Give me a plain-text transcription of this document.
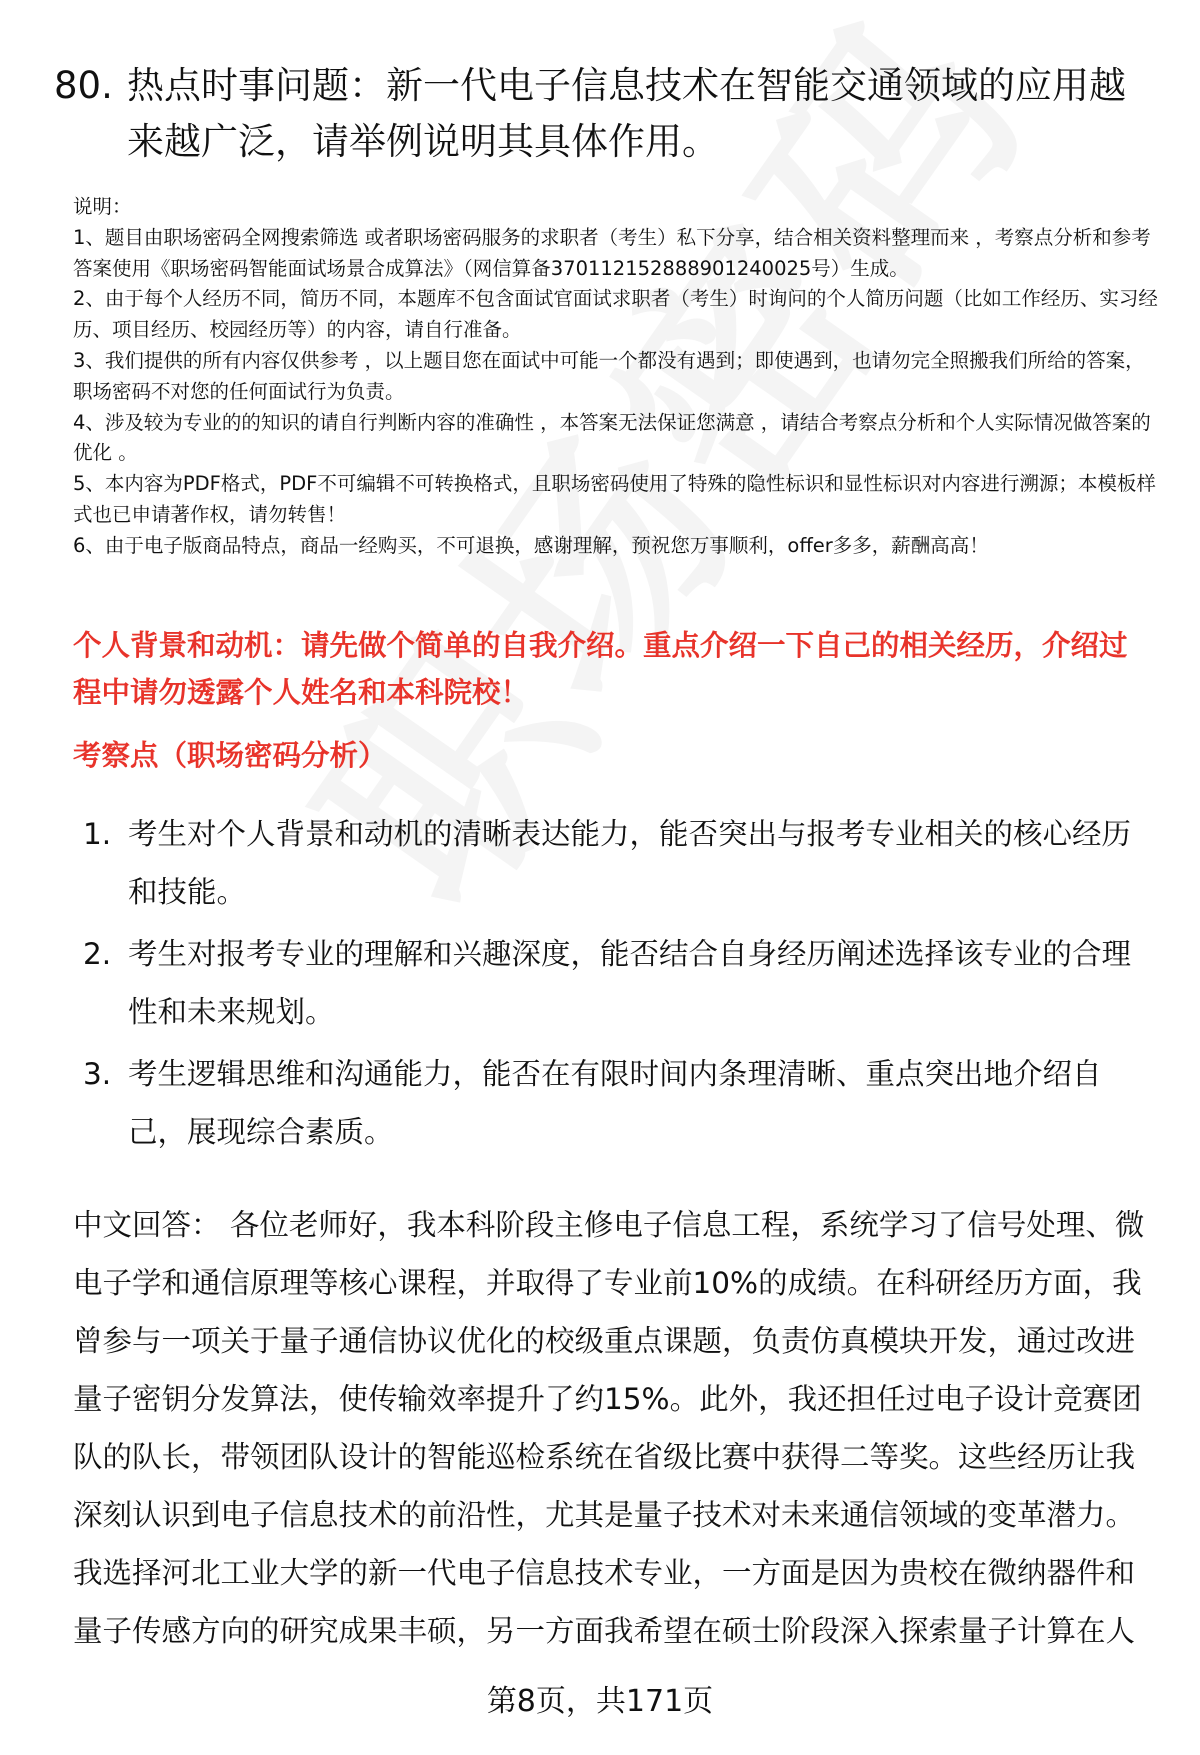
80. 热点时事问题：新一代电子信息技术在智能交通领域的应用越来越广泛，请举例说明其具体作用。

说明：

1、题目由职场密码全网搜索筛选 或者职场密码服务的求职者（考生）私下分享，结合相关资料整理而来 ，考察点分析和参考答案使用《职场密码智能面试场景合成算法》（网信算备370112152888901240025号）生成。

2、由于每个人经历不同，简历不同，本题库不包含面试官面试求职者（考生）时询问的个人简历问题（比如工作经历、实习经历、项目经历、校园经历等）的内容，请自行准备。

3、我们提供的所有内容仅供参考 ，以上题目您在面试中可能一个都没有遇到；即使遇到，也请勿完全照搬我们所给的答案，职场密码不对您的任何面试行为负责。

4、涉及较为专业的的知识的请自行判断内容的准确性 ，本答案无法保证您满意 ，请结合考察点分析和个人实际情况做答案的优化 。

5、本内容为PDF格式，PDF不可编辑不可转换格式，且职场密码使用了特殊的隐性标识和显性标识对内容进行溯源；本模板样式也已申请著作权，请勿转售！

6、由于电子版商品特点，商品一经购买，不可退换，感谢理解，预祝您万事顺利，offer多多，薪酬高高！

个人背景和动机：请先做个简单的自我介绍。重点介绍一下自己的相关经历，介绍过程中请勿透露个人姓名和本科院校！
考察点（职场密码分析）
1. 考生对个人背景和动机的清晰表达能力，能否突出与报考专业相关的核心经历和技能。
2. 考生对报考专业的理解和兴趣深度，能否结合自身经历阐述选择该专业的合理性和未来规划。
3. 考生逻辑思维和沟通能力，能否在有限时间内条理清晰、重点突出地介绍自己，展现综合素质。
中文回答： 各位老师好，我本科阶段主修电子信息工程，系统学习了信号处理、微电子学和通信原理等核心课程，并取得了专业前10%的成绩。在科研经历方面，我曾参与一项关于量子通信协议优化的校级重点课题，负责仿真模块开发，通过改进量子密钥分发算法，使传输效率提升了约15%。此外，我还担任过电子设计竞赛团队的队长，带领团队设计的智能巡检系统在省级比赛中获得二等奖。这些经历让我深刻认识到电子信息技术的前沿性，尤其是量子技术对未来通信领域的变革潜力。我选择河北工业大学的新一代电子信息技术专业，一方面是因为贵校在微纳器件和量子传感方向的研究成果丰硕，另一方面我希望在硕士阶段深入探索量子计算在人
第8页，共171页
